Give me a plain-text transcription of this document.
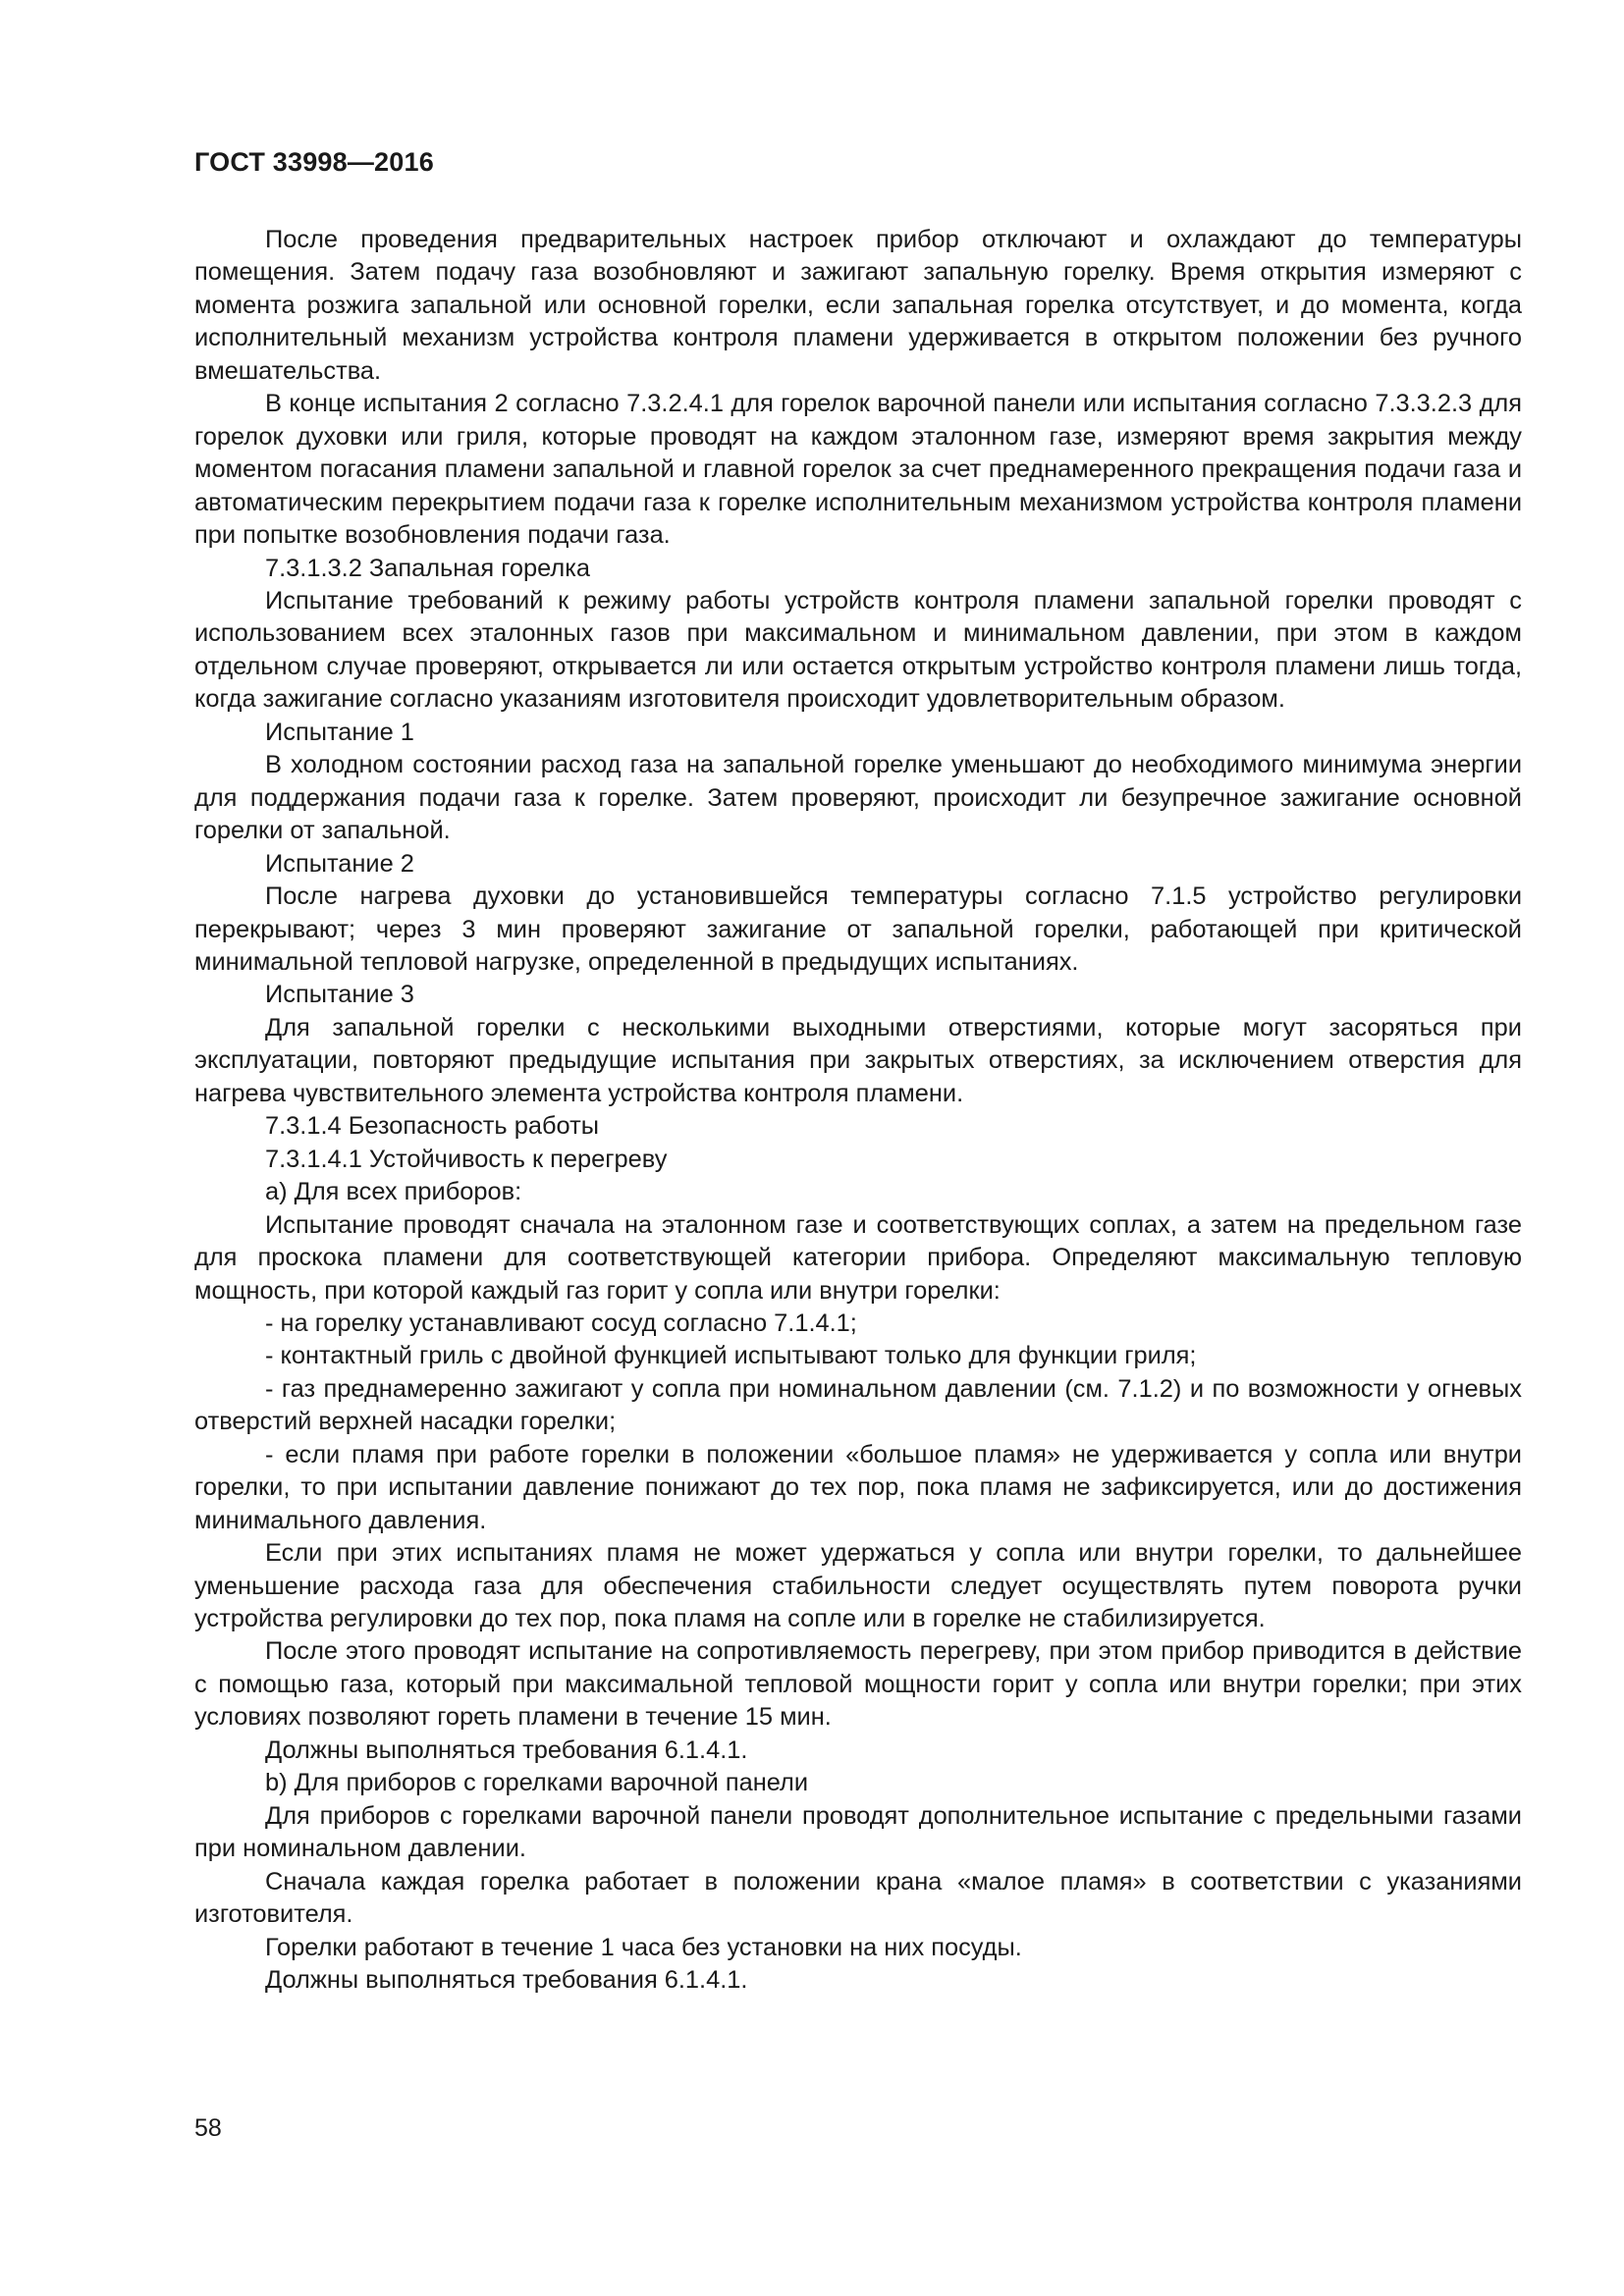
ГОСТ 33998—2016

После проведения предварительных настроек прибор отключают и охлаждают до температуры помещения. Затем подачу газа возобновляют и зажигают запальную горелку. Время открытия измеряют с момента розжига запальной или основной горелки, если запальная горелка отсутствует, и до момента, когда исполнительный механизм устройства контроля пламени удерживается в открытом положении без ручного вмешательства.

В конце испытания 2 согласно 7.3.2.4.1 для горелок варочной панели или испытания согласно 7.3.3.2.3 для горелок духовки или гриля, которые проводят на каждом эталонном газе, измеряют время закрытия между моментом погасания пламени запальной и главной горелок за счет преднамеренного прекращения подачи газа и автоматическим перекрытием подачи газа к горелке исполнительным механизмом устройства контроля пламени при попытке возобновления подачи газа.

7.3.1.3.2 Запальная горелка

Испытание требований к режиму работы устройств контроля пламени запальной горелки проводят с использованием всех эталонных газов при максимальном и минимальном давлении, при этом в каждом отдельном случае проверяют, открывается ли или остается открытым устройство контроля пламени лишь тогда, когда зажигание согласно указаниям изготовителя происходит удовлетворительным образом.

Испытание 1

В холодном состоянии расход газа на запальной горелке уменьшают до необходимого минимума энергии для поддержания подачи газа к горелке. Затем проверяют, происходит ли безупречное зажигание основной горелки от запальной.

Испытание 2

После нагрева духовки до установившейся температуры согласно 7.1.5 устройство регулировки перекрывают; через 3 мин проверяют зажигание от запальной горелки, работающей при критической минимальной тепловой нагрузке, определенной в предыдущих испытаниях.

Испытание 3

Для запальной горелки с несколькими выходными отверстиями, которые могут засоряться при эксплуатации, повторяют предыдущие испытания при закрытых отверстиях, за исключением отверстия для нагрева чувствительного элемента устройства контроля пламени.

7.3.1.4 Безопасность работы

7.3.1.4.1 Устойчивость к перегреву

a) Для всех приборов:

Испытание проводят сначала на эталонном газе и соответствующих соплах, а затем на предельном газе для проскока пламени для соответствующей категории прибора. Определяют максимальную тепловую мощность, при которой каждый газ горит у сопла или внутри горелки:

- на горелку устанавливают сосуд согласно 7.1.4.1;

- контактный гриль с двойной функцией испытывают только для функции гриля;

- газ преднамеренно зажигают у сопла при номинальном давлении (см. 7.1.2) и по возможности у огневых отверстий верхней насадки горелки;

- если пламя при работе горелки в положении «большое пламя» не удерживается у сопла или внутри горелки, то при испытании давление понижают до тех пор, пока пламя не зафиксируется, или до достижения минимального давления.

Если при этих испытаниях пламя не может удержаться у сопла или внутри горелки, то дальнейшее уменьшение расхода газа для обеспечения стабильности следует осуществлять путем поворота ручки устройства регулировки до тех пор, пока пламя на сопле или в горелке не стабилизируется.

После этого проводят испытание на сопротивляемость перегреву, при этом прибор приводится в действие с помощью газа, который при максимальной тепловой мощности горит у сопла или внутри горелки; при этих условиях позволяют гореть пламени в течение 15 мин.

Должны выполняться требования 6.1.4.1.

b) Для приборов с горелками варочной панели

Для приборов с горелками варочной панели проводят дополнительное испытание с предельными газами при номинальном давлении.

Сначала каждая горелка работает в положении крана «малое пламя» в соответствии с указаниями изготовителя.

Горелки работают в течение 1 часа без установки на них посуды.

Должны выполняться требования 6.1.4.1.

58
